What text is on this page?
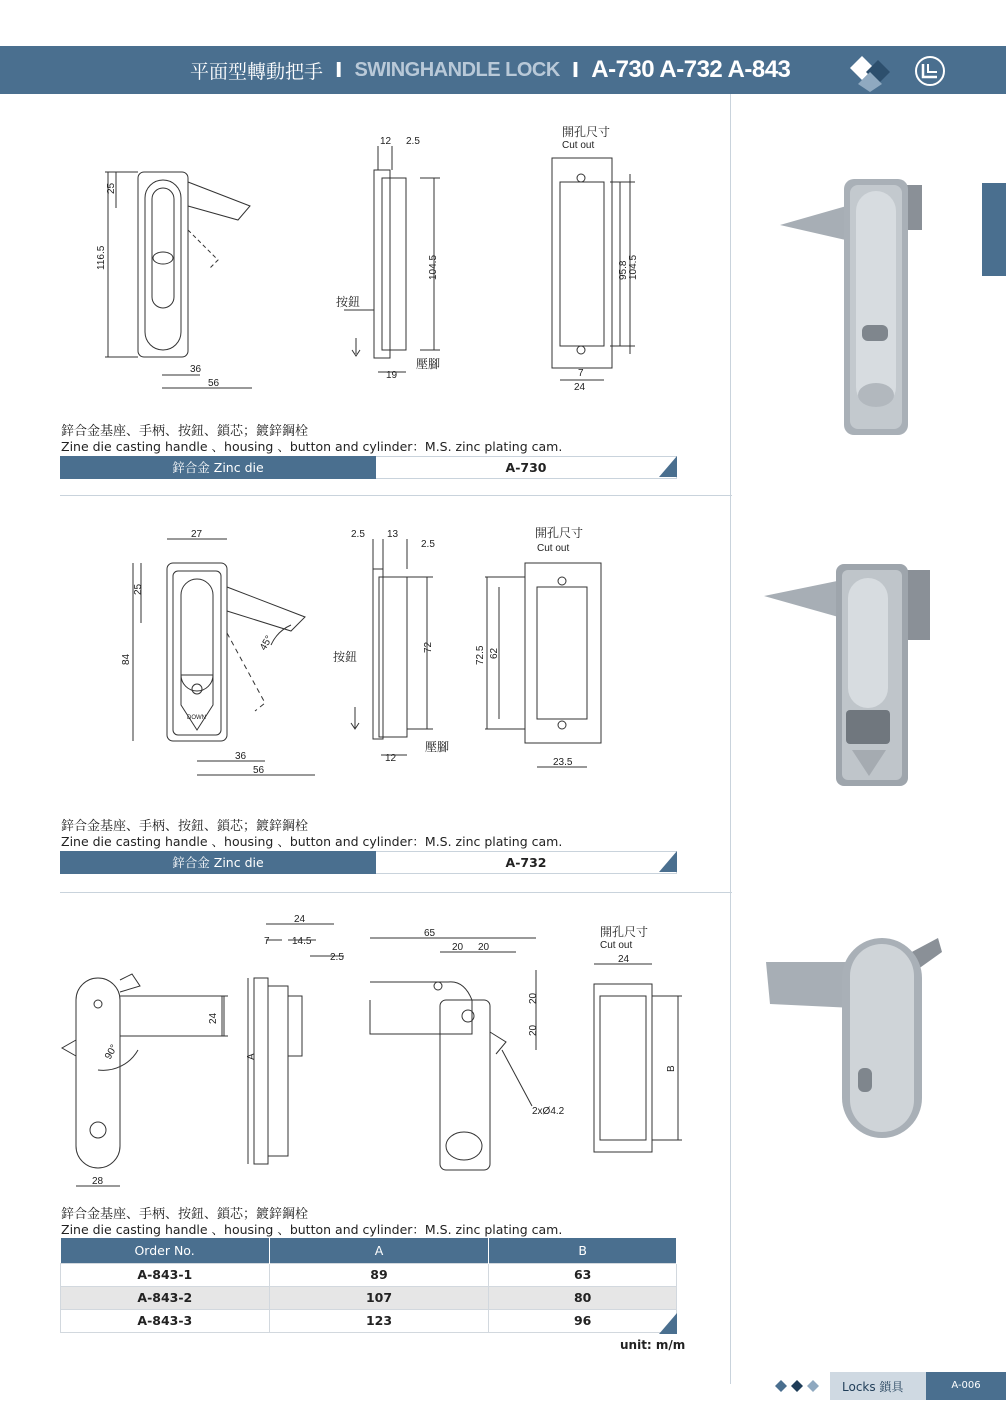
平面型轉動把手 I SWINGHANDLE LOCK I A-730 A-732 A-843
116.5
25
36
56
12 2.5
104.5
19
按鈕
壓腳
開孔尺寸
Cut out
95.8 104.5
7
24
鋅合金基座、手柄、按鈕、鎖芯；鍍鋅鋼栓
Zine die casting handle 、housing 、button and cylinder：M.S. zinc plating cam.
鋅合金 Zinc die	A-730
27
25
84
45°
36
56
DOWN
2.5 13
2.5
72
12
按鈕
壓腳
開孔尺寸
Cut out
72.5 62
23.5
鋅合金基座、手柄、按鈕、鎖芯；鍍鋅鋼栓
Zine die casting handle 、housing 、button and cylinder：M.S. zinc plating cam.
鋅合金 Zinc die	A-732
24
90°
28
24
7 14.5
2.5
A
65
20 20
20
20
2xØ4.2
開孔尺寸
Cut out
24
B
鋅合金基座、手柄、按鈕、鎖芯；鍍鋅鋼栓
Zine die casting handle 、housing 、button and cylinder：M.S. zinc plating cam.
Order No.	A	B
A-843-1	89	63
A-843-2	107	80
A-843-3	123	96
unit: m/m
Locks 鎖具	A-006
